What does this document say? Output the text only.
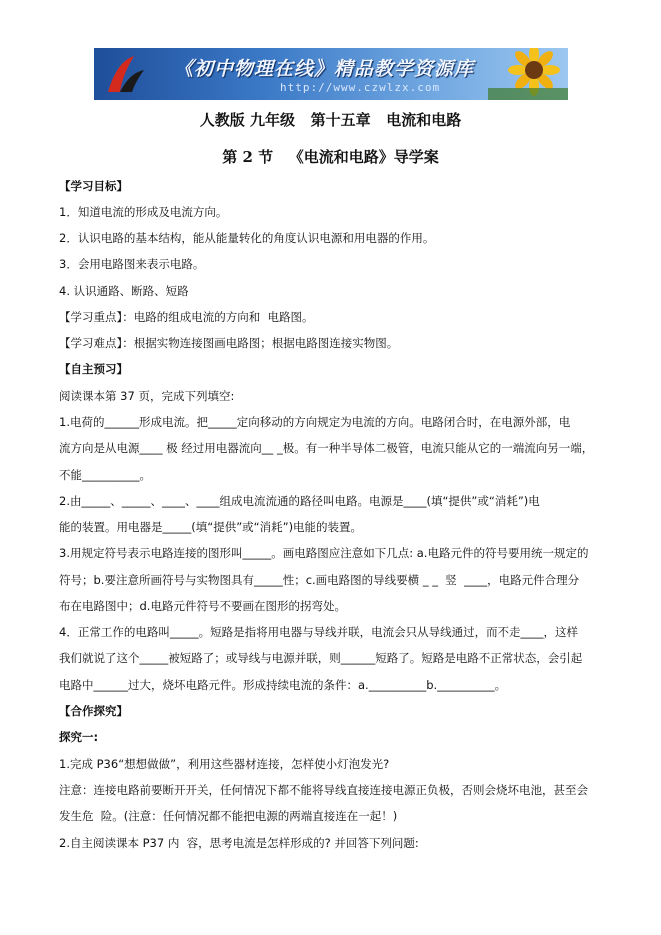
《初中物理在线》精品教学资源库
http://www.czwlzx.com
人教版 九年级   第十五章   电流和电路
第 2 节   《电流和电路》导学案
【学习目标】
1．知道电流的形成及电流方向。
2．认识电路的基本结构，能从能量转化的角度认识电源和用电器的作用。
3．会用电路图来表示电路。
4. 认识通路、断路、短路
【学习重点】：电路的组成电流的方向和  电路图。
【学习难点】：根据实物连接图画电路图；根据电路图连接实物图。
【自主预习】
阅读课本第 37 页，完成下列填空:
1.电荷的______形成电流。把_____定向移动的方向规定为电流的方向。电路闭合时，在电源外部，电
流方向是从电源____ 极 经过用电器流向__ _极。有一种半导体二极管，电流只能从它的一端流向另一端，
不能__________。
2.由_____、_____、____、____组成电流流通的路径叫电路。电源是____(填“提供”或“消耗”)电
能的装置。用电器是_____(填“提供”或“消耗”)电能的装置。
3.用规定符号表示电路连接的图形叫_____。画电路图应注意如下几点: a.电路元件的符号要用统一规定的
符号；b.要注意所画符号与实物图具有_____性；c.画电路图的导线要横 _ _  竖  ____，电路元件合理分
布在电路图中；d.电路元件符号不要画在图形的拐弯处。
4．正常工作的电路叫_____。短路是指将用电器与导线并联，电流会只从导线通过，而不走____，这样
我们就说了这个_____被短路了；或导线与电源并联，则______短路了。短路是电路不正常状态，会引起
电路中______过大，烧坏电路元件。形成持续电流的条件：a.__________b.__________。
【合作探究】
探究一:
1.完成 P36“想想做做”，利用这些器材连接，怎样使小灯泡发光?
注意：连接电路前要断开开关，任何情况下都不能将导线直接连接电源正负极，否则会烧坏电池，甚至会
发生危  险。(注意：任何情况都不能把电源的两端直接连在一起！)
2.自主阅读课本 P37 内  容，思考电流是怎样形成的? 并回答下列问题:
